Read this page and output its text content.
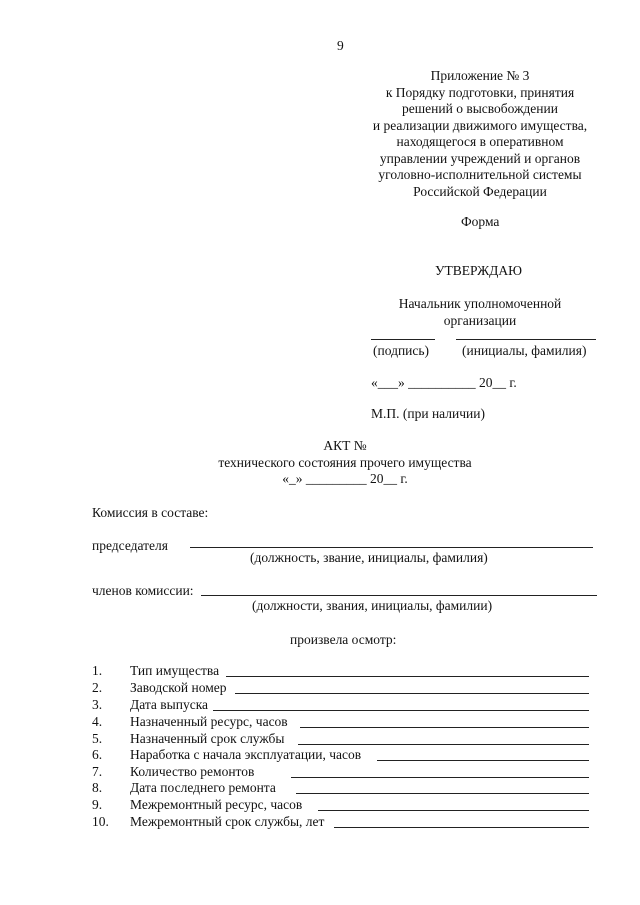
9
Приложение № 3
к Порядку подготовки, принятия
решений о высвобождении
и реализации движимого имущества,
находящегося в оперативном
управлении учреждений и органов
уголовно-исполнительной системы
Российской Федерации
Форма
УТВЕРЖДАЮ
Начальник уполномоченной
организации
(подпись) (инициалы, фамилия)
«___» __________ 20__ г.
М.П. (при наличии)
АКТ №
технического состояния прочего имущества
«_» _________ 20__ г.
Комиссия в составе:
председателя
(должность, звание, инициалы, фамилия)
членов комиссии:
(должности, звания, инициалы, фамилии)
произвела осмотр:
1. Тип имущества
2. Заводской номер
3. Дата выпуска
4. Назначенный ресурс, часов
5. Назначенный срок службы
6. Наработка с начала эксплуатации, часов
7. Количество ремонтов
8. Дата последнего ремонта
9. Межремонтный ресурс, часов
10. Межремонтный срок службы, лет
